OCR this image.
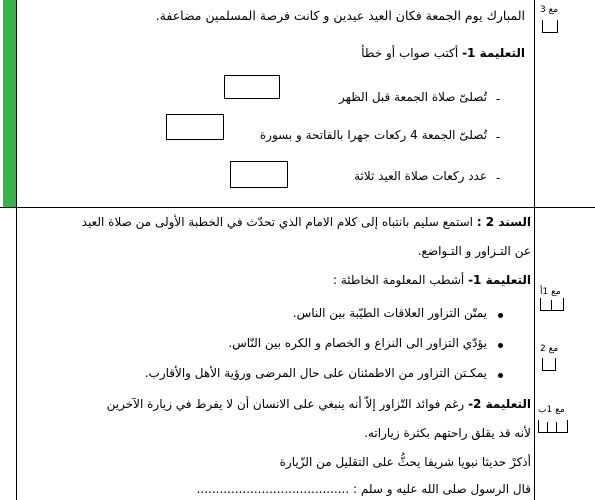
المبارك يوم الجمعة فكان العيد عيدين و كانت فرصة المسلمين مضاعفة.
التعليمة 1- أكتب صواب أو خطأ
-
تُصلىّ صلاة الجمعة قبل الظهر
-
تُصلىّ الجمعة 4 ركعات جهرا بالفاتحة و بسورة
-
عدد ركعات صلاة العيد ثلاثة
السند 2 : استمع سليم بانتباه إلى كلام الامام الذي تحدّث في الخطبة الأولى من صلاة العيد
عن التـزاور و التـواضع.
التعليمة 1- أشطب المعلومة الخاطئة :
يمتّن التزاور العلاقات الطيّبة بين الناس.
يؤدّي التزاور الى النزاع و الخصام و الكره بين النّاس.
يمكـتن التزاور من الاطمئنان على حال المرضى ورؤية الأهل والأقارب.
التعليمة 2- رغم فوائد التّزاور إلاّ أنه ينبغي على الانسان أن لا يفرط في زيارة الآخرين
لأنه قد يقلق راحتهم بكثرة زياراته.
أذكرْ حديثا نبويا شريفا يحثُّ على التقليل من الزّيارة
قال الرسول صلى الله عليه و سلم : ........................................
مع 3
مع 1أ
مع 2
مع 1ب
